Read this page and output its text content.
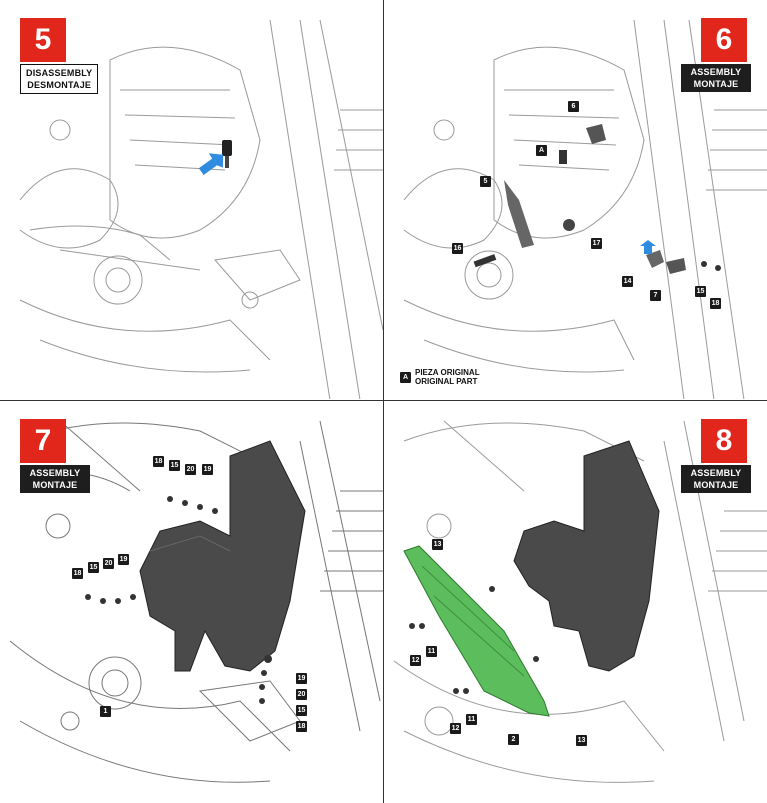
5
DISASSEMBLY
DESMONTAJE
6
ASSEMBLY
MONTAJE
6
A
5
16
17
14
7
15
18
A PIEZA ORIGINAL
ORIGINAL PART
7
ASSEMBLY
MONTAJE
18
15
20 19
18
15
20
19
19
20
15
18
1
8
ASSEMBLY
MONTAJE
13
12
11
12
11
2	13
